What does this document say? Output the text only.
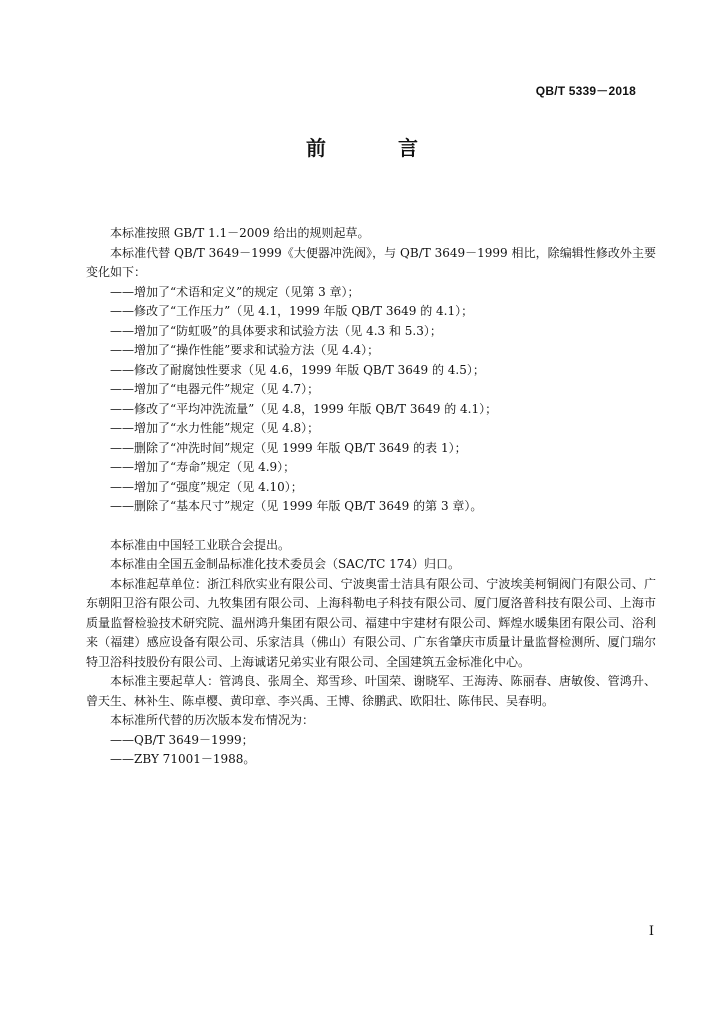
QB/T 5339－2018
前　言

本标准按照 GB/T 1.1－2009 给出的规则起草。

本标准代替 QB/T 3649－1999《大便器冲洗阀》，与 QB/T 3649－1999 相比，除编辑性修改外主要变化如下：

——增加了“术语和定义”的规定（见第 3 章）；

——修改了“工作压力”（见 4.1，1999 年版 QB/T 3649 的 4.1）；

——增加了“防虹吸”的具体要求和试验方法（见 4.3 和 5.3）；

——增加了“操作性能”要求和试验方法（见 4.4）；

——修改了耐腐蚀性要求（见 4.6，1999 年版 QB/T 3649 的 4.5）；

——增加了“电器元件”规定（见 4.7）；

——修改了“平均冲洗流量”（见 4.8，1999 年版 QB/T 3649 的 4.1）；

——增加了“水力性能”规定（见 4.8）；

——删除了“冲洗时间”规定（见 1999 年版 QB/T 3649 的表 1）；

——增加了“寿命”规定（见 4.9）；

——增加了“强度”规定（见 4.10）；

——删除了“基本尺寸”规定（见 1999 年版 QB/T 3649 的第 3 章）。

本标准由中国轻工业联合会提出。

本标准由全国五金制品标准化技术委员会（SAC/TC 174）归口。

本标准起草单位：浙江科欣实业有限公司、宁波奥雷士洁具有限公司、宁波埃美柯铜阀门有限公司、广东朝阳卫浴有限公司、九牧集团有限公司、上海科勒电子科技有限公司、厦门厦洛普科技有限公司、上海市质量监督检验技术研究院、温州鸿升集团有限公司、福建中宇建材有限公司、辉煌水暖集团有限公司、浴利来（福建）感应设备有限公司、乐家洁具（佛山）有限公司、广东省肇庆市质量计量监督检测所、厦门瑞尔特卫浴科技股份有限公司、上海诚诺兄弟实业有限公司、全国建筑五金标准化中心。

本标准主要起草人：管鸿良、张周全、郑雪珍、叶国荣、谢晓军、王海涛、陈丽春、唐敏俊、管鸿升、曾天生、林补生、陈卓樱、黄印章、李兴禹、王博、徐鹏武、欧阳壮、陈伟民、吴春明。

本标准所代替的历次版本发布情况为：

——QB/T 3649－1999；

——ZBY 71001－1988。

I
